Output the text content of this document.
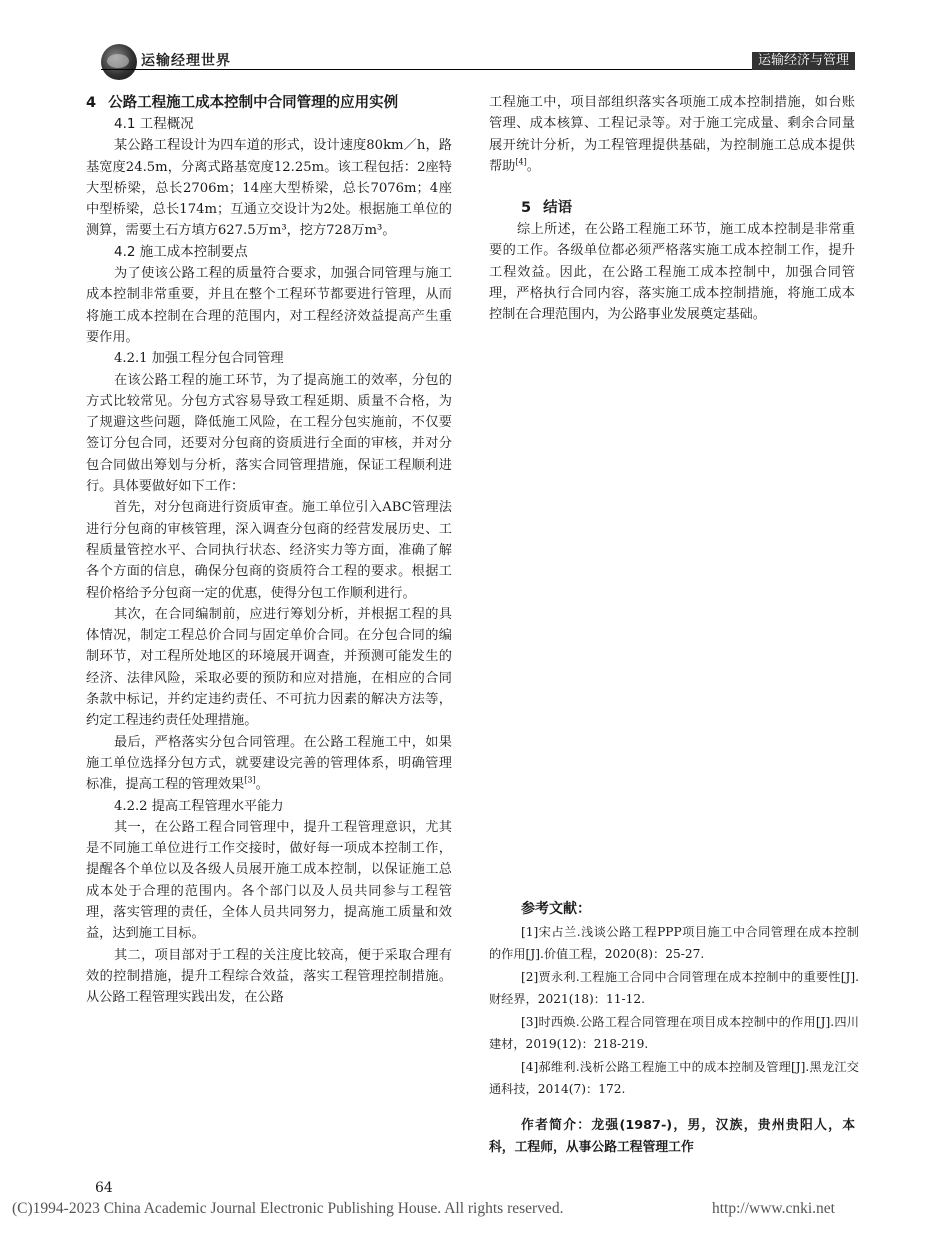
运输经理世界	运输经济与管理
4 公路工程施工成本控制中合同管理的应用实例
4.1 工程概况
某公路工程设计为四车道的形式，设计速度80km／h，路基宽度24.5m，分离式路基宽度12.25m。该工程包括：2座特大型桥梁，总长2706m；14座大型桥梁，总长7076m；4座中型桥梁，总长174m；互通立交设计为2处。根据施工单位的测算，需要土石方填方627.5万m³，挖方728万m³。
4.2 施工成本控制要点
为了使该公路工程的质量符合要求，加强合同管理与施工成本控制非常重要，并且在整个工程环节都要进行管理，从而将施工成本控制在合理的范围内，对工程经济效益提高产生重要作用。
4.2.1 加强工程分包合同管理
在该公路工程的施工环节，为了提高施工的效率，分包的方式比较常见。分包方式容易导致工程延期、质量不合格，为了规避这些问题，降低施工风险，在工程分包实施前，不仅要签订分包合同，还要对分包商的资质进行全面的审核，并对分包合同做出筹划与分析，落实合同管理措施，保证工程顺利进行。具体要做好如下工作：
首先，对分包商进行资质审查。施工单位引入ABC管理法进行分包商的审核管理，深入调查分包商的经营发展历史、工程质量管控水平、合同执行状态、经济实力等方面，准确了解各个方面的信息，确保分包商的资质符合工程的要求。根据工程价格给予分包商一定的优惠，使得分包工作顺利进行。
其次，在合同编制前，应进行筹划分析，并根据工程的具体情况，制定工程总价合同与固定单价合同。在分包合同的编制环节，对工程所处地区的环境展开调查，并预测可能发生的经济、法律风险，采取必要的预防和应对措施，在相应的合同条款中标记，并约定违约责任、不可抗力因素的解决方法等，约定工程违约责任处理措施。
最后，严格落实分包合同管理。在公路工程施工中，如果施工单位选择分包方式，就要建设完善的管理体系，明确管理标准，提高工程的管理效果[3]。
4.2.2 提高工程管理水平能力
其一，在公路工程合同管理中，提升工程管理意识，尤其是不同施工单位进行工作交接时，做好每一项成本控制工作，提醒各个单位以及各级人员展开施工成本控制，以保证施工总成本处于合理的范围内。各个部门以及人员共同参与工程管理，落实管理的责任，全体人员共同努力，提高施工质量和效益，达到施工目标。
其二，项目部对于工程的关注度比较高，便于采取合理有效的控制措施，提升工程综合效益，落实工程管理控制措施。从公路工程管理实践出发，在公路
工程施工中，项目部组织落实各项施工成本控制措施，如台账管理、成本核算、工程记录等。对于施工完成量、剩余合同量展开统计分析，为工程管理提供基础，为控制施工总成本提供帮助[4]。
5 结语
综上所述，在公路工程施工环节，施工成本控制是非常重要的工作。各级单位都必须严格落实施工成本控制工作，提升工程效益。因此，在公路工程施工成本控制中，加强合同管理，严格执行合同内容，落实施工成本控制措施，将施工成本控制在合理范围内，为公路事业发展奠定基础。
参考文献：
[1]宋占兰.浅谈公路工程PPP项目施工中合同管理在成本控制的作用[J].价值工程，2020(8)：25-27.
[2]贾永利.工程施工合同中合同管理在成本控制中的重要性[J].财经界，2021(18)：11-12.
[3]时西焕.公路工程合同管理在项目成本控制中的作用[J].四川建材，2019(12)：218-219.
[4]郝维利.浅析公路工程施工中的成本控制及管理[J].黑龙江交通科技，2014(7)：172.
作者简介：龙强(1987-)，男，汉族，贵州贵阳人，本科，工程师，从事公路工程管理工作
64
(C)1994-2023 China Academic Journal Electronic Publishing House. All rights reserved.	http://www.cnki.net
